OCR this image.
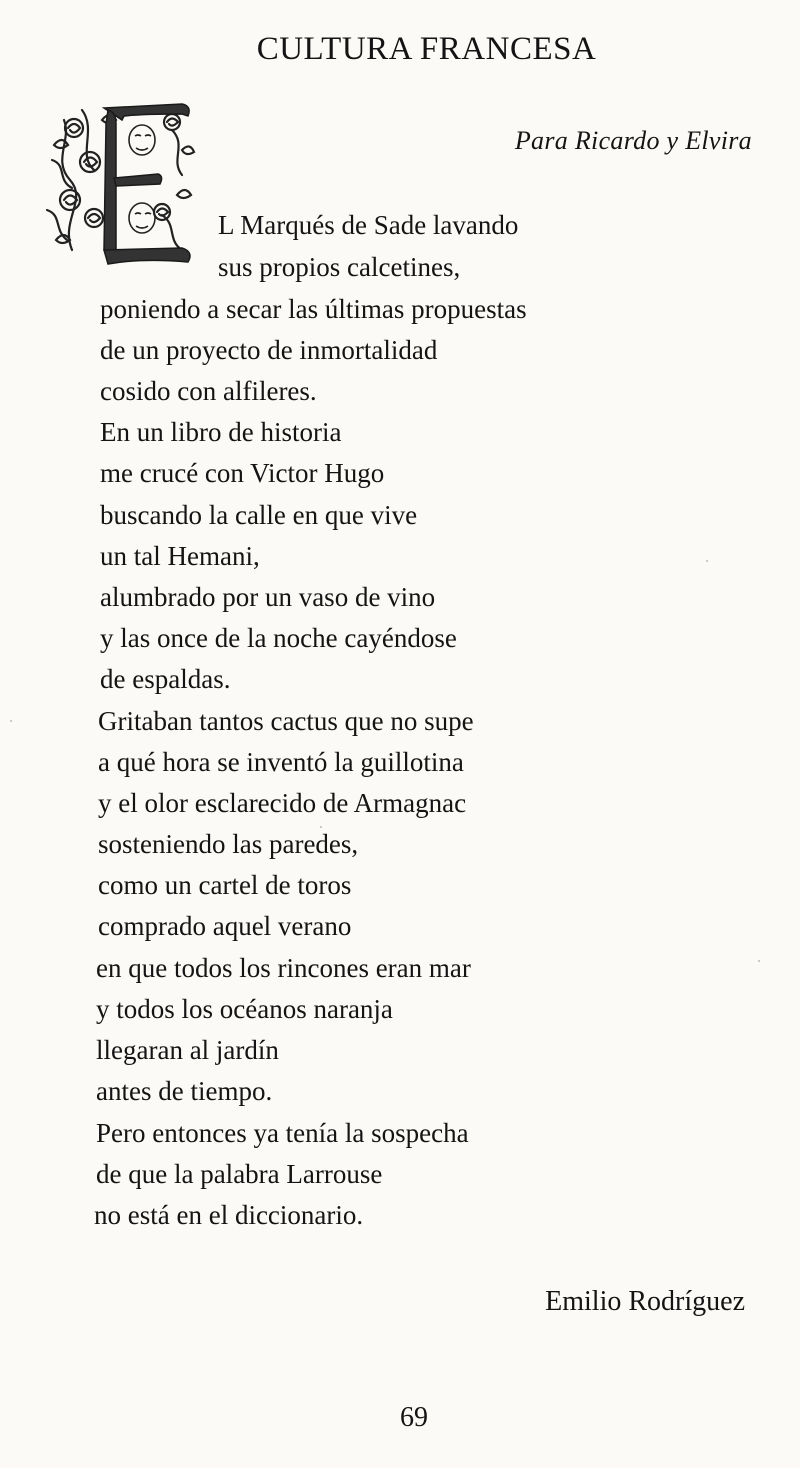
CULTURA FRANCESA
Para Ricardo y Elvira
L Marqués de Sade lavando
sus propios calcetines,
poniendo a secar las últimas propuestas
de un proyecto de inmortalidad
cosido con alfileres.
En un libro de historia
me crucé con Victor Hugo
buscando la calle en que vive
un tal Hemani,
alumbrado por un vaso de vino
y las once de la noche cayéndose
de espaldas.
Gritaban tantos cactus que no supe
a qué hora se inventó la guillotina
y el olor esclarecido de Armagnac
sosteniendo las paredes,
como un cartel de toros
comprado aquel verano
en que todos los rincones eran mar
y todos los océanos naranja
llegaran al jardín
antes de tiempo.
Pero entonces ya tenía la sospecha
de que la palabra Larrouse
no está en el diccionario.
Emilio Rodríguez
69
